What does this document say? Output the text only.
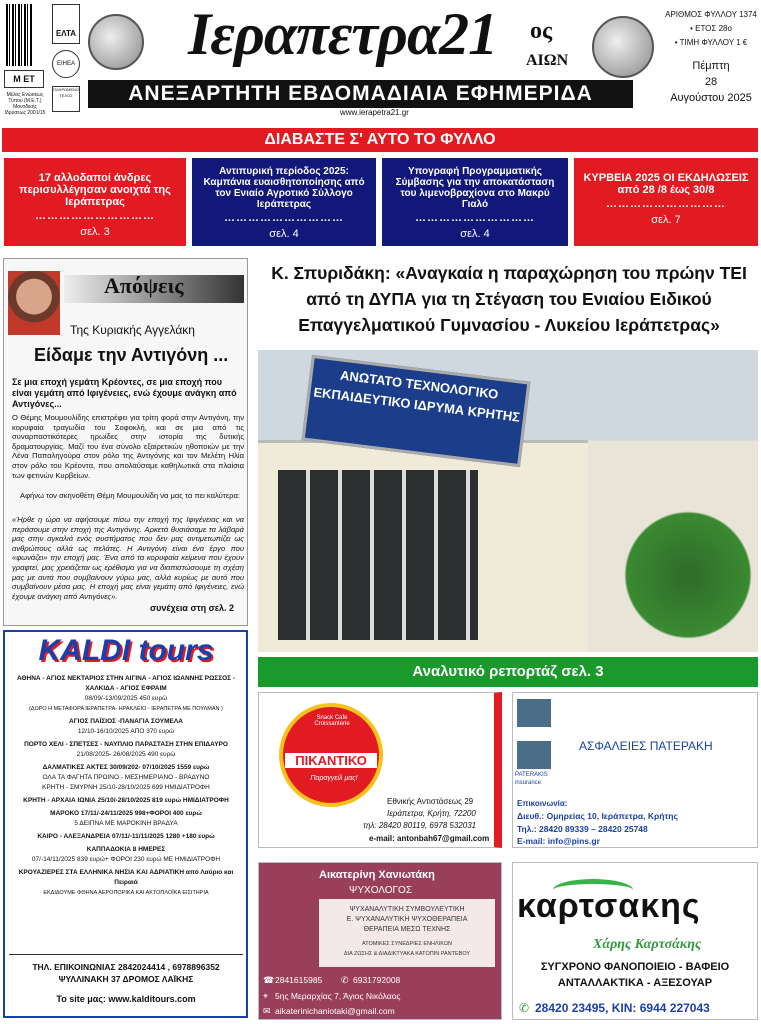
Μ ΕΤ
Μέλος Ενώσεως Τύπου (Μ.Ε.Τ.) Μονοδικής Ιδρύσεως 2001/15
ΕΛΤΑ
ΕΙΗΕΑ
ΠΛΗΡΩΜΕΝΟ ΤΕΛΟΣ
Ιεραπετρα21 ος
ΑΙΩΝ
ΑΝΕΞΑΡΤΗΤΗ ΕΒΔΟΜΑΔΙΑΙΑ ΕΦΗΜΕΡΙΔΑ
www.ierapetra21.gr
ΑΡΙΘΜΟΣ ΦΥΛΛΟΥ 1374
• ΕΤΟΣ 28ο
• ΤΙΜΗ ΦΥΛΛΟΥ 1 €
Πέμπτη
28
Αυγούστου 2025
ΔΙΑΒΑΣΤΕ Σ' ΑΥΤΟ ΤΟ ΦΥΛΛΟ
17 αλλοδαποί άνδρες περισυλλέγησαν ανοιχτά της Ιεράπετρας
…………………………
σελ. 3
Αντιπυρική περίοδος 2025: Καμπάνια ευαισθητοποίησης από τον Ενιαίο Αγροτικό Σύλλογο Ιεράπετρας
…………………………
σελ. 4
Υπογραφή Προγραμματικής Σύμβασης για την αποκατάσταση του λιμενοβραχίονα στο Μακρύ Γιαλό
…………………………
σελ. 4
ΚΥΡΒΕΙΑ 2025 ΟΙ ΕΚΔΗΛΩΣΕΙΣ από 28 /8 έως 30/8
…………………………
σελ. 7
Απόψεις
Της Κυριακής Αγγελάκη
Είδαμε την Αντιγόνη ...
Σε μια εποχή γεμάτη Κρέοντες, σε μια εποχή που είναι γεμάτη από Ιφιγένειες, ενώ έχουμε ανάγκη από Αντιγόνες...
Ο Θέμης Μουμουλίδης επιστρέφει για τρίτη φορά στην Αντιγόνη, την κορυφαία τραγωδία του Σοφοκλή, και σε μια από τις συναρπαστικότερες ηρωίδες στην ιστορία της δυτικής δραματουργίας. Μαζί του ένα σύνολο εξαιρετικών ηθοποιών με την Λένα Παπαληγούρα στον ρόλο της Αντιγόνης και τον Μελέτη Ηλία στον ρόλο του Κρέοντα, που απολαύσαμε καθηλωτικά στα πλαίσια των φετινών Κυρβείων.
Αφήνω τον σκηνοθέτη Θέμη Μουμουλίδη να μας τα πει καλύτερα:
«Ήρθε η ώρα να αφήσουμε πίσω την εποχή της Ιφιγένειας και να περάσουμε στην εποχή της Αντιγόνης. Αρκετά θυσιάσαμε τα λάβαρά μας στην αγκαλιά ενός συστήματος που δεν μας αντιμετωπίζει ως ανθρώπους αλλά ως πελάτες. Η Αντιγόνη είναι ένα έργο που «φωνάζει» την εποχή μας. Ένα από τα κορυφαία κείμενα που έχουν γραφτεί, μας χρειάζεται ως ερέθισμα για να διαπιστώσουμε τη σχέση μας με αυτά που συμβαίνουν γύρω μας, αλλά κυρίως με αυτό που συμβαίνουν μέσα μας. Η εποχή μας είναι γεμάτη από Ιφιγένειες, ενώ έχουμε ανάγκη από Αντιγόνες».
συνέχεια στη σελ. 2
KALDI tours
ΑΘΗΝΑ - ΑΓΙΟΣ ΝΕΚΤΑΡΙΟΣ ΣΤΗΝ ΑΙΓΙΝΑ - ΑΓΙΟΣ ΙΩΑΝΝΗΣ ΡΩΣΣΟΣ - ΧΑΛΚΙΔΑ - ΑΓΙΟΣ ΕΦΡΑΙΜ
08/09/-13/09/2025 450 ευρώ
(ΔΩΡΟ Η ΜΕΤΑΦΟΡΑ ΙΕΡΑΠΕΤΡΑ- ΗΡΑΚΛΕΙΟ - ΙΕΡΑΠΕΤΡΑ ΜΕ ΠΟΥΛΜΑΝ )
ΑΓΙΟΣ ΠΑΪΣΙΟΣ -ΠΑΝΑΓΙΑ ΣΟΥΜΕΛΑ
12/10-16/10/2025 ΑΠΟ 370 ευρώ
ΠΟΡΤΟ ΧΕΛΙ - ΣΠΕΤΣΕΣ - ΝΑΥΠΛΙΟ ΠΑΡΑΣΤΑΣΗ ΣΤΗΝ ΕΠΙΔΑΥΡΟ
21/08/2025- 26/08/2025 490 ευρώ
ΔΑΛΜΑΤΙΚΕΣ ΑΚΤΕΣ 30/09/202- 07/10/2025 1559 ευρώ
ΟΛΑ ΤΑ ΦΑΓΗΤΑ ΠΡΩΙΝΟ - ΜΕΣΗΜΕΡΙΑΝΟ - ΒΡΑΔΥΝΟ
ΚΡΗΤΗ - ΣΜΥΡΝΗ 25/10-28/10/2025 699 ΗΜΙΔΙΑΤΡΟΦΗ
ΚΡΗΤΗ - ΑΡΧΑΙΑ ΙΩΝΙΑ 25/10/-28/10/2025 819 ευρώ ΗΜΙΔΙΑΤΡΟΦΗ
ΜΑΡΟΚΟ 17/11/-24/11/2025 998+ΦΟΡΟΙ 400 ευρώ
5 ΔΕΙΠΝΑ ΜΕ ΜΑΡΟΚΙΝΗ ΒΡΑΔΥΑ
ΚΑΙΡΟ - ΑΛΕΞΑΝΔΡΕΙΑ 07/11/-11/11/2025 1280 +180 ευρώ
ΚΑΠΠΑΔΟΚΙΑ 8 ΗΜΕΡΕΣ
07/-14/11/2025 839 ευρώ+ ΦΟΡΟΙ 230 ευρώ ΜΕ ΗΜΙΔΙΑΤΡΟΦΗ
ΚΡΟΥΑΖΙΕΡΕΣ ΣΤΑ ΕΛΛΗΝΙΚΑ ΝΗΣΙΑ ΚΑΙ ΑΔΡΙΑΤΙΚΗ από Λαύριο και Πειραιά
ΕΚΔΙΔΟΥΜΕ ΦΘΗΝΑ ΑΕΡΟΠΟΡΙΚΑ ΚΑΙ ΑΚΤΟΠΛΟΪΚΑ ΕΙΣΙΤΗΡΙΑ
ΤΗΛ. ΕΠΙΚΟΙΝΩΝΙΑΣ 2842024414 , 6978896352
ΨΥΛΛΙΝΑΚΗ 37 ΔΡΟΜΟΣ ΛΑΪΚΗΣ
To site μας: www.kalditours.com
Κ. Σπυριδάκη: «Αναγκαία η παραχώρηση του πρώην ΤΕΙ από τη ΔΥΠΑ για τη Στέγαση του Ενιαίου Ειδικού Επαγγελματικού Γυμνασίου - Λυκείου Ιεράπετρας»
ΑΝΩΤΑΤΟ ΤΕΧΝΟΛΟΓΙΚΟ ΕΚΠΑΙΔΕΥΤΙΚΟ ΙΔΡΥΜΑ ΚΡΗΤΗΣ
Αναλυτικό ρεπορτάζ σελ. 3
Snack Cafe Croissanterie
ΠΙΚΑΝΤΙΚΟ
Παραγγείλ μας!
Εθνικής Αντιστάσεως 29
Ιεράπετρα, Κρήτη, 72200
τηλ: 28420 80119, 6978 532031
e-mail: antonbah67@gmail.com
PATERAKIS insurance
ΑΣΦΑΛΕΙΕΣ ΠΑΤΕΡΑΚΗ
Επικοινωνία:
Διευθ.: Ομηρείας 10, Ιεράπετρα, Κρήτης
Τηλ.: 28420 89339 – 28420 25748
E-mail: info@pins.gr
Αικατερίνη Χανιωτάκη
ΨΥΧΟΛΟΓΟΣ
ΨΥΧΑΝΑΛΥΤΙΚΗ ΣΥΜΒΟΥΛΕΥΤΙΚΗ
Ε. ΨΥΧΑΝΑΛΥΤΙΚΗ ΨΥΧΟΘΕΡΑΠΕΙΑ
ΘΕΡΑΠΕΙΑ ΜΕΣΩ ΤΕΧΝΗΣ
ΑΤΟΜΙΚΕΣ ΣΥΝΕΔΡΙΕΣ ΕΝΗΛΙΚΩΝ
ΔΙΑ ΖΩΣΗΣ & ΔΙΑΔΙΚΤΥΑΚΑ ΚΑΤΟΠΙΝ ΡΑΝΤΕΒΟΥ
☎ 2841615985 ✆ 6931792008
⌖ 5ης Μεραρχίας 7, Άγιος Νικόλαος
✉ aikaterinichaniotaki@gmail.com
καρτσακης
Χάρης Καρτσάκης
ΣΥΓΧΡΟΝΟ ΦΑΝΟΠΟΙΕΙΟ - ΒΑΦΕΙΟ
ΑΝΤΑΛΛΑΚΤΙΚΑ - ΑΞΕΣΟΥΑΡ
✆ 28420 23495, ΚΙΝ: 6944 227043
